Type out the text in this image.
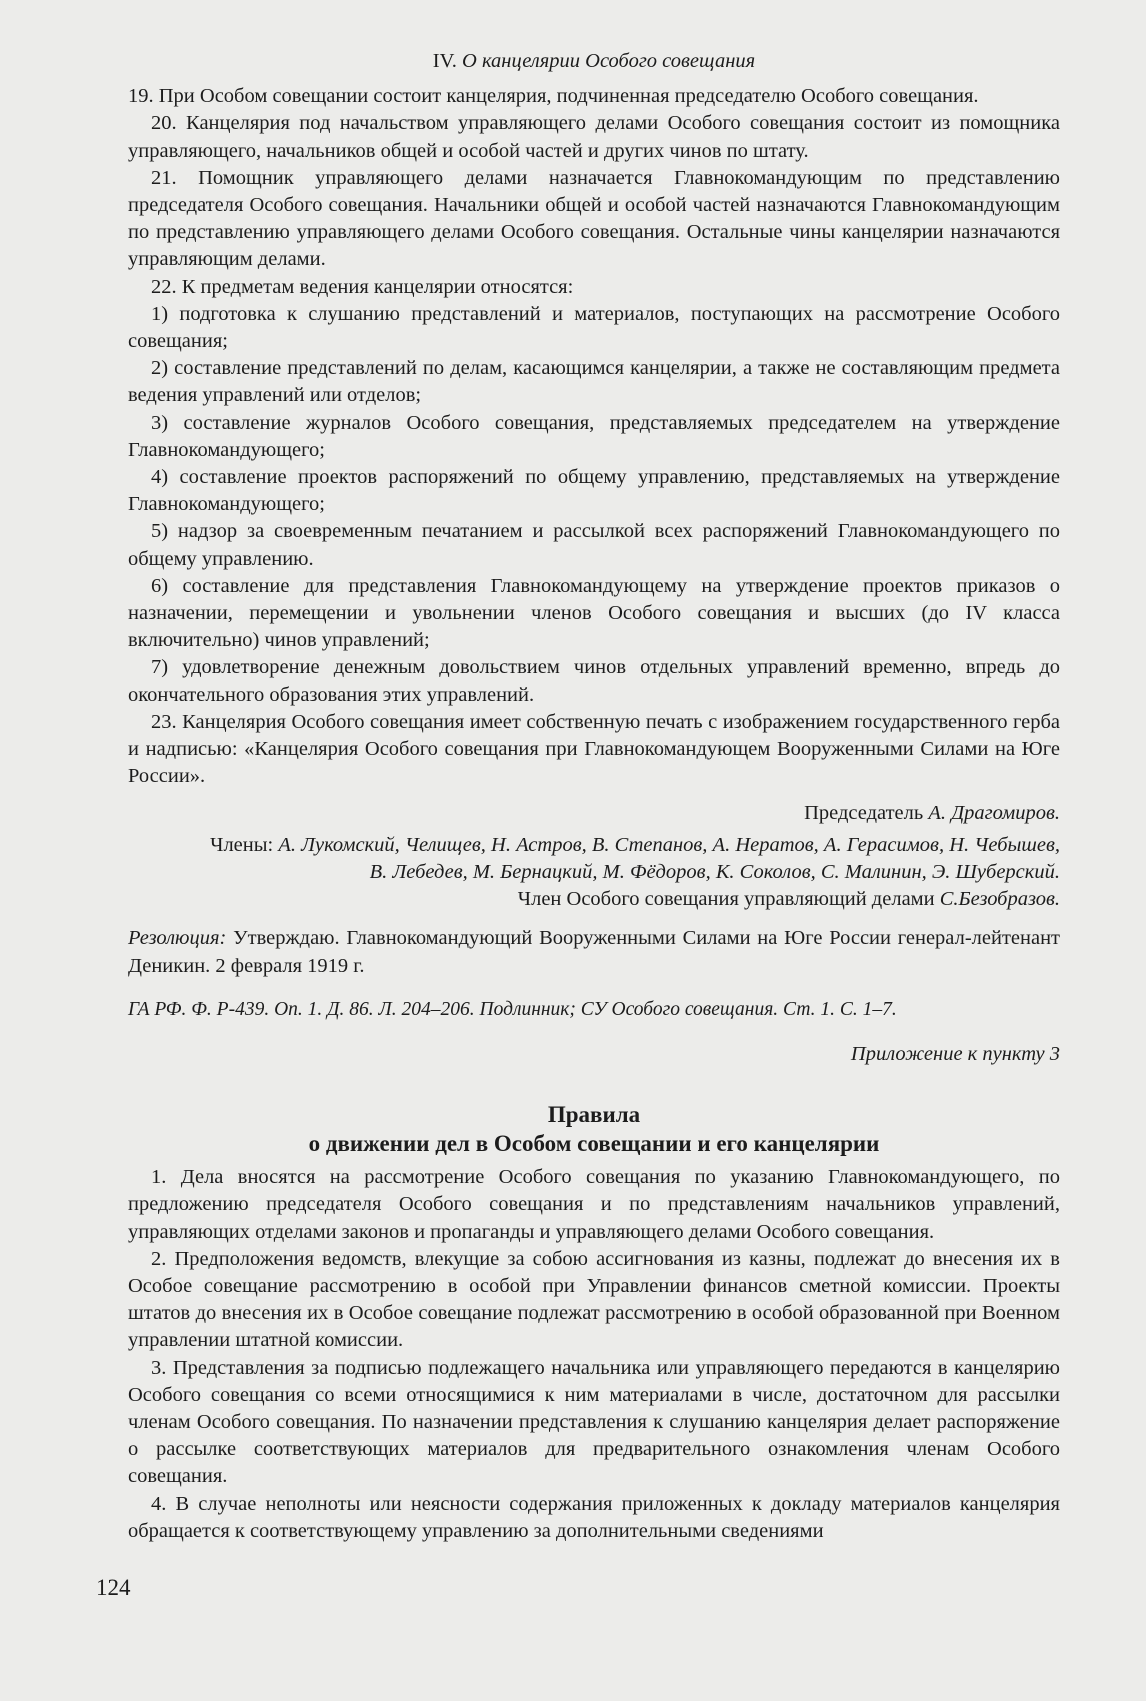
IV. О канцелярии Особого совещания

19. При Особом совещании состоит канцелярия, подчиненная председателю Особого совещания.

20. Канцелярия под начальством управляющего делами Особого совещания состоит из помощника управляющего, начальников общей и особой частей и других чинов по штату.

21. Помощник управляющего делами назначается Главнокомандующим по представлению председателя Особого совещания. Начальники общей и особой частей назначаются Главнокомандующим по представлению управляющего делами Особого совещания. Остальные чины канцелярии назначаются управляющим делами.

22. К предметам ведения канцелярии относятся:

1) подготовка к слушанию представлений и материалов, поступающих на рассмотрение Особого совещания;

2) составление представлений по делам, касающимся канцелярии, а также не составляющим предмета ведения управлений или отделов;

3) составление журналов Особого совещания, представляемых председателем на утверждение Главнокомандующего;

4) составление проектов распоряжений по общему управлению, представляемых на утверждение Главнокомандующего;

5) надзор за своевременным печатанием и рассылкой всех распоряжений Главнокомандующего по общему управлению.

6) составление для представления Главнокомандующему на утверждение проектов приказов о назначении, перемещении и увольнении членов Особого совещания и высших (до IV класса включительно) чинов управлений;

7) удовлетворение денежным довольствием чинов отдельных управлений временно, впредь до окончательного образования этих управлений.

23. Канцелярия Особого совещания имеет собственную печать с изображением государственного герба и надписью: «Канцелярия Особого совещания при Главнокомандующем Вооруженными Силами на Юге России».

Председатель А. Драгомиров.

Члены: А. Лукомский, Челищев, Н. Астров, В. Степанов, А. Нератов, А. Герасимов, Н. Чебышев,
В. Лебедев, М. Бернацкий, М. Фёдоров, К. Соколов, С. Малинин, Э. Шуберский.

Член Особого совещания управляющий делами С.Безобразов.

Резолюция: Утверждаю. Главнокомандующий Вооруженными Силами на Юге России генерал-лейтенант Деникин. 2 февраля 1919 г.

ГА РФ. Ф. Р-439. Оп. 1. Д. 86. Л. 204–206. Подлинник; СУ Особого совещания. Ст. 1. С. 1–7.

Приложение к пункту 3

Правила
о движении дел в Особом совещании и его канцелярии

1. Дела вносятся на рассмотрение Особого совещания по указанию Главнокомандующего, по предложению председателя Особого совещания и по представлениям начальников управлений, управляющих отделами законов и пропаганды и управляющего делами Особого совещания.

2. Предположения ведомств, влекущие за собою ассигнования из казны, подлежат до внесения их в Особое совещание рассмотрению в особой при Управлении финансов сметной комиссии. Проекты штатов до внесения их в Особое совещание подлежат рассмотрению в особой образованной при Военном управлении штатной комиссии.

3. Представления за подписью подлежащего начальника или управляющего передаются в канцелярию Особого совещания со всеми относящимися к ним материалами в числе, достаточном для рассылки членам Особого совещания. По назначении представления к слушанию канцелярия делает распоряжение о рассылке соответствующих материалов для предварительного ознакомления членам Особого совещания.

4. В случае неполноты или неясности содержания приложенных к докладу материалов канцелярия обращается к соответствующему управлению за дополнительными сведениями

124
